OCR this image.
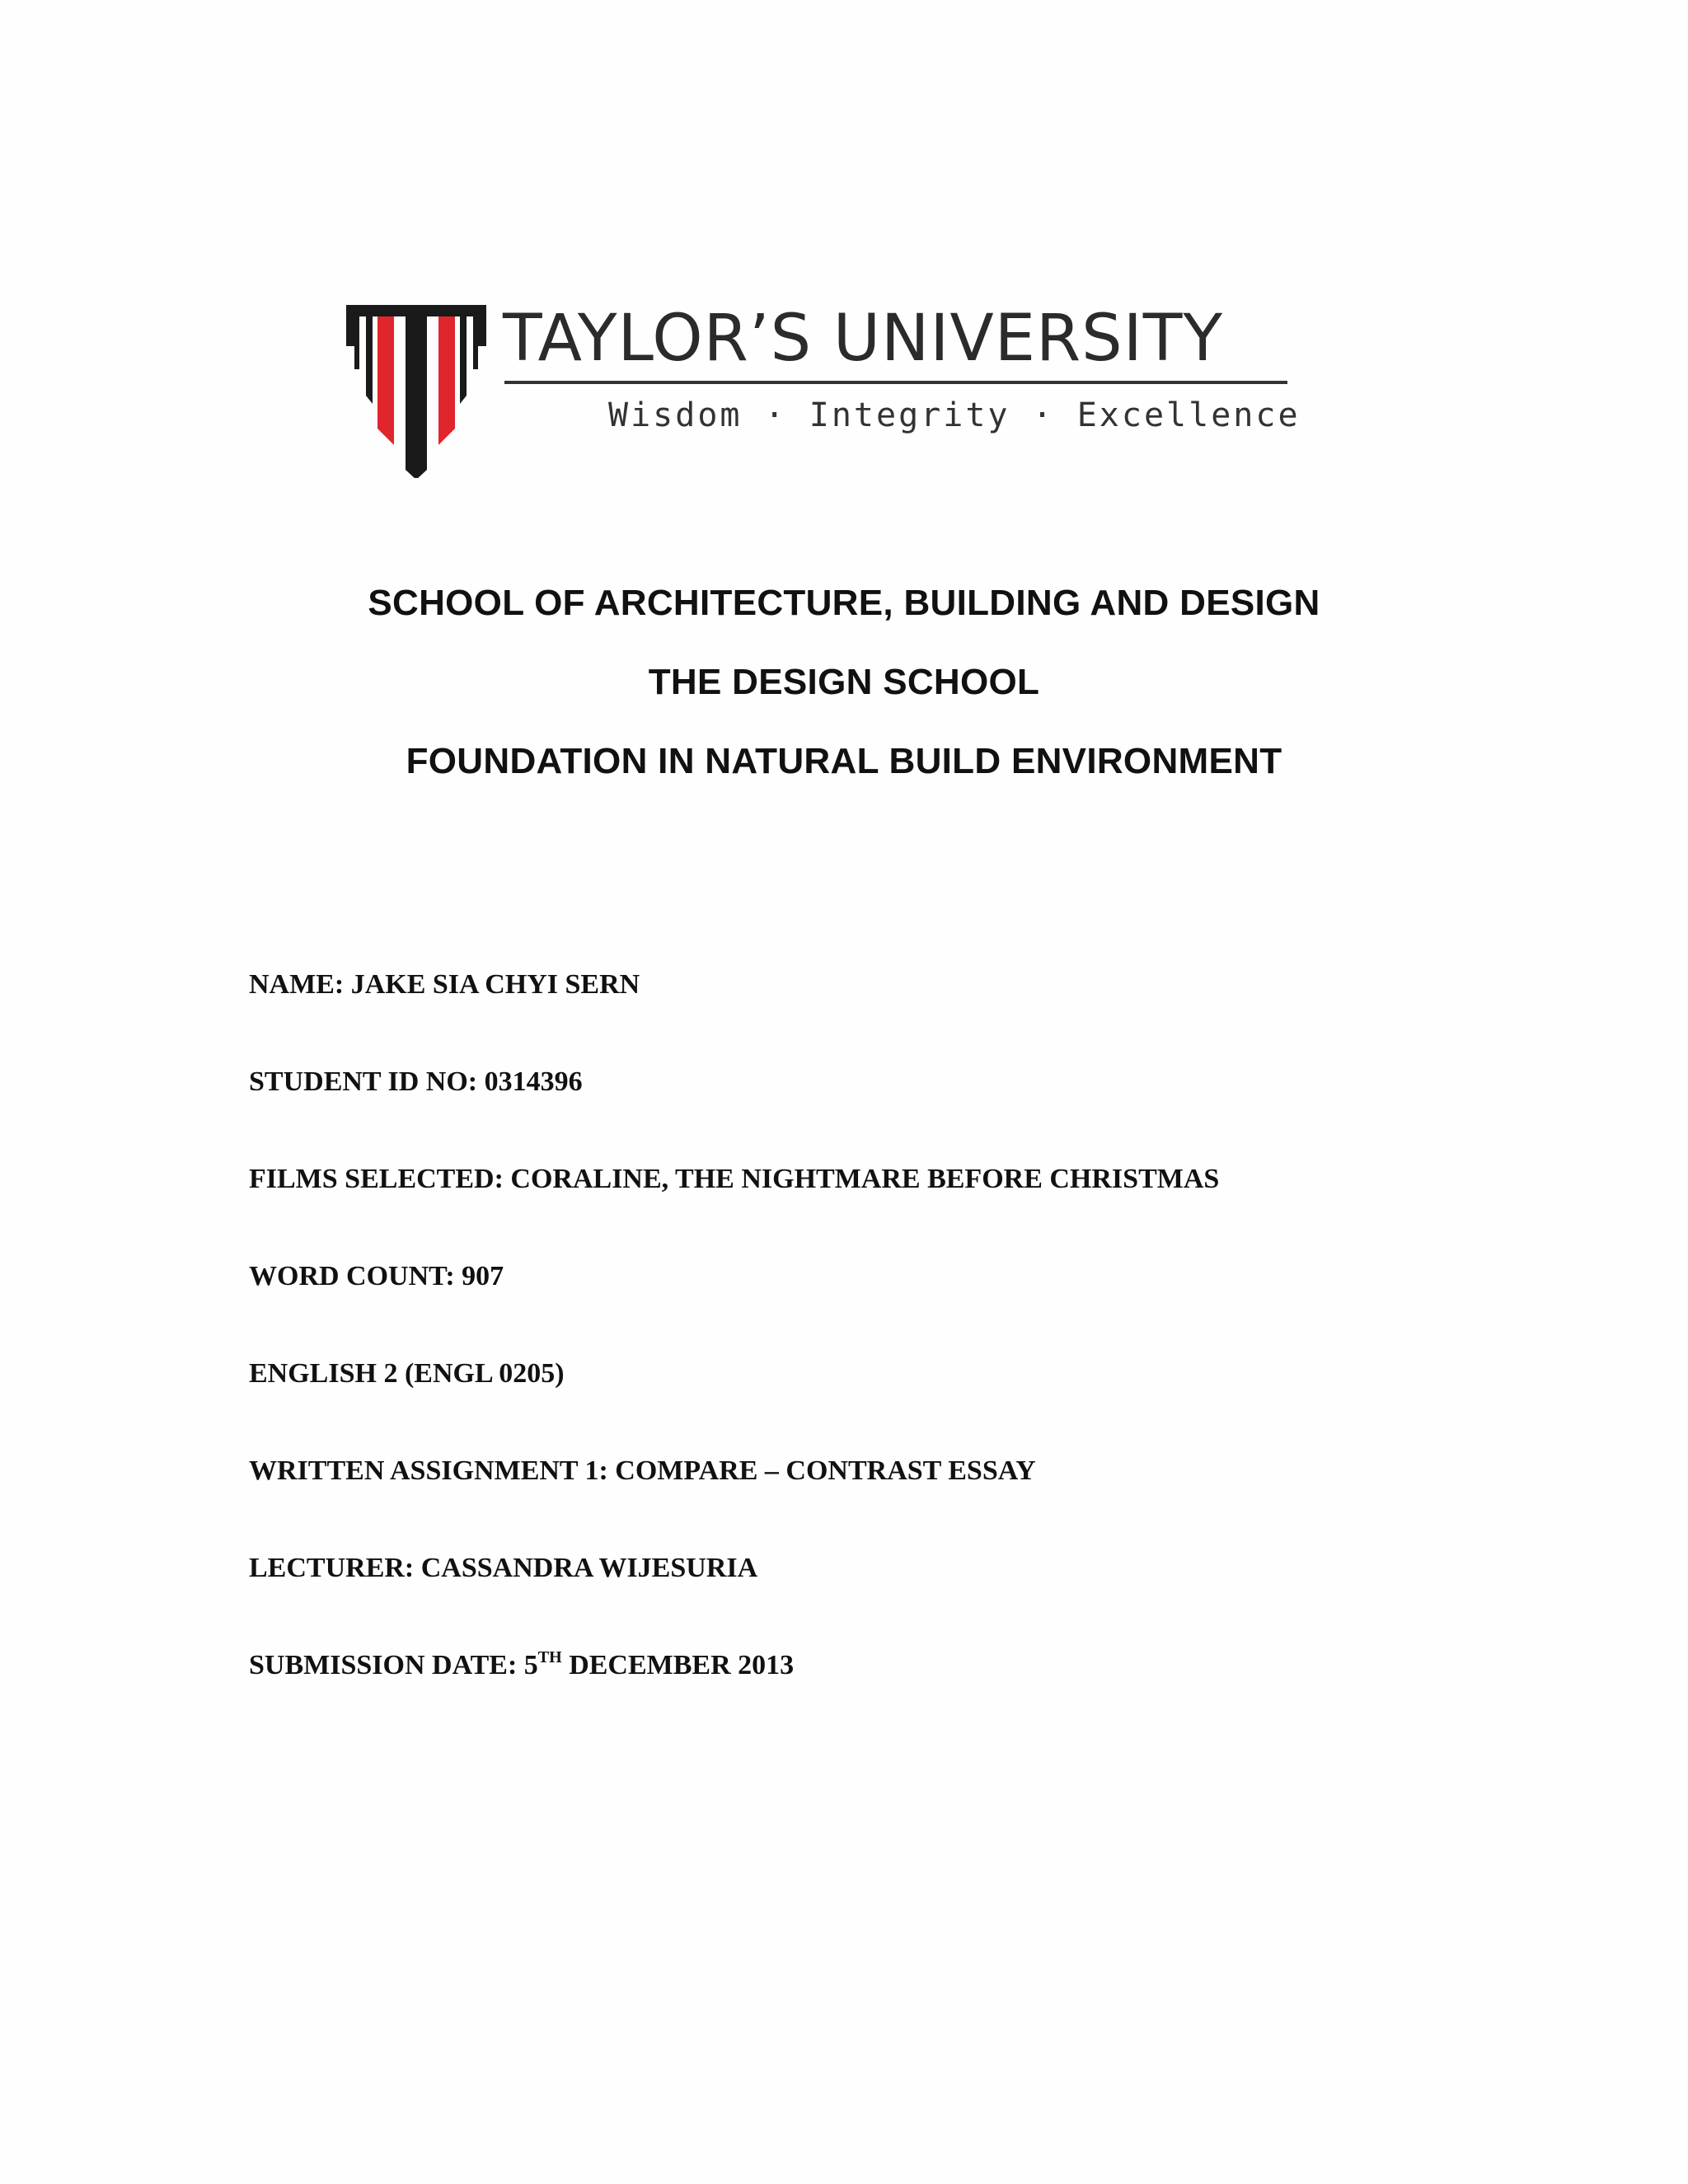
TAYLOR’S UNIVERSITY
Wisdom · Integrity · Excellence

SCHOOL OF ARCHITECTURE, BUILDING AND DESIGN

THE DESIGN SCHOOL

FOUNDATION IN NATURAL BUILD ENVIRONMENT

NAME: JAKE SIA CHYI SERN

STUDENT ID NO: 0314396

FILMS SELECTED: CORALINE, THE NIGHTMARE BEFORE CHRISTMAS

WORD COUNT: 907

ENGLISH 2 (ENGL 0205)

WRITTEN ASSIGNMENT 1: COMPARE – CONTRAST ESSAY

LECTURER: CASSANDRA WIJESURIA

SUBMISSION DATE: 5TH DECEMBER 2013
